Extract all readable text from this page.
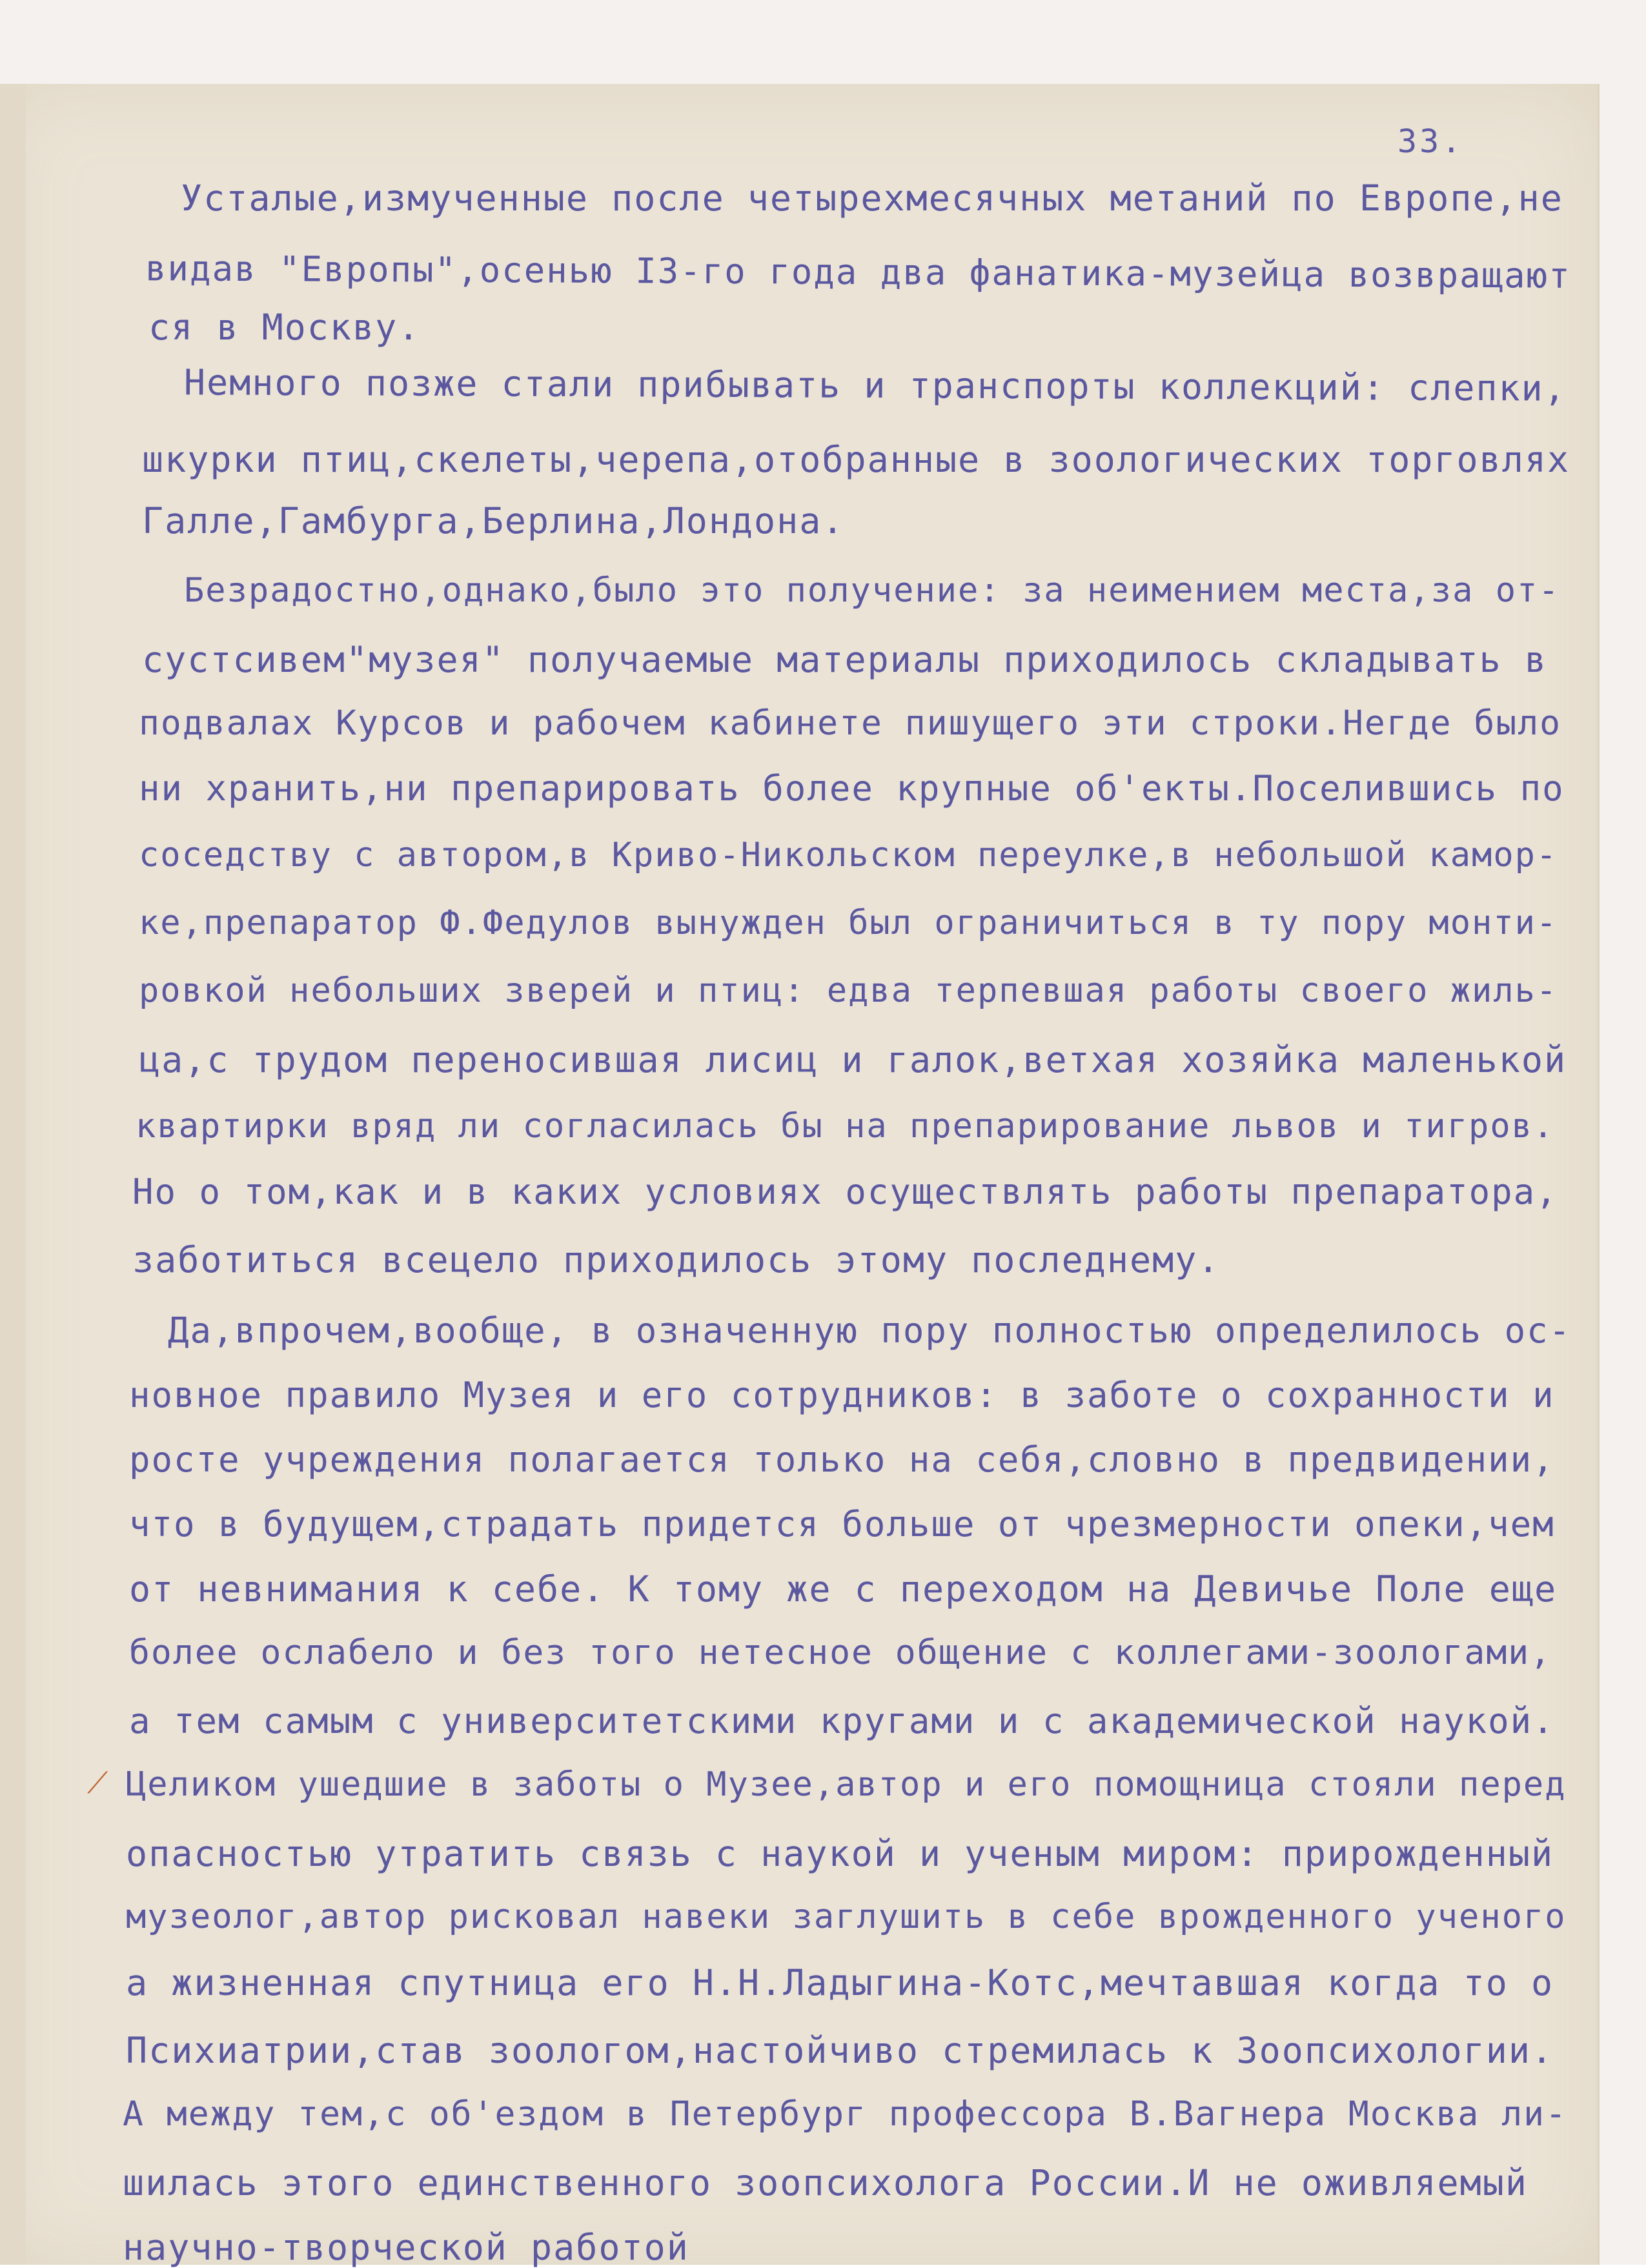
33.
Усталые,измученные после четырехмесячных метаний по Европе,не
видав "Европы",осенью I3-го года два фанатика-музейца возвращают
ся в Москву.
Немного позже стали прибывать и транспорты коллекций: слепки,
шкурки птиц,скелеты,черепа,отобранные в зоологических торговлях
Галле,Гамбурга,Берлина,Лондона.
Безрадостно,однако,было это получение: за неимением места,за от-
сустсивем"музея" получаемые материалы приходилось складывать в
подвалах Курсов и рабочем кабинете пишущего эти строки.Негде было
ни хранить,ни препарировать более крупные об'екты.Поселившись по
соседству с автором,в Криво-Никольском переулке,в небольшой камор-
ке,препаратор Ф.Федулов вынужден был ограничиться в ту пору монти-
ровкой небольших зверей и птиц: едва терпевшая работы своего жиль-
ца,с трудом переносившая лисиц и галок,ветхая хозяйка маленькой
квартирки вряд ли согласилась бы на препарирование львов и тигров.
Но о том,как и в каких условиях осуществлять работы препаратора,
заботиться всецело приходилось этому последнему.
Да,впрочем,вообще, в означенную пору полностью определилось ос-
новное правило Музея и его сотрудников: в заботе о сохранности и
росте учреждения полагается только на себя,словно в предвидении,
что в будущем,страдать придется больше от чрезмерности опеки,чем
от невнимания к себе. К тому же с переходом на Девичье Поле еще
более ослабело и без того нетесное общение с коллегами-зоологами,
а тем самым с университетскими кругами и с академической наукой.
Целиком ушедшие в заботы о Музее,автор и его помощница стояли перед
опасностью утратить связь с наукой и ученым миром: прирожденный
музеолог,автор рисковал навеки заглушить в себе врожденного ученого
а жизненная спутница его Н.Н.Ладыгина-Котс,мечтавшая когда то о
Психиатрии,став зоологом,настойчиво стремилась к Зоопсихологии.
А между тем,с об'ездом в Петербург профессора В.Вагнера Москва ли-
шилась этого единственного зоопсихолога России.И не оживляемый
научно-творческой работой
⟋
